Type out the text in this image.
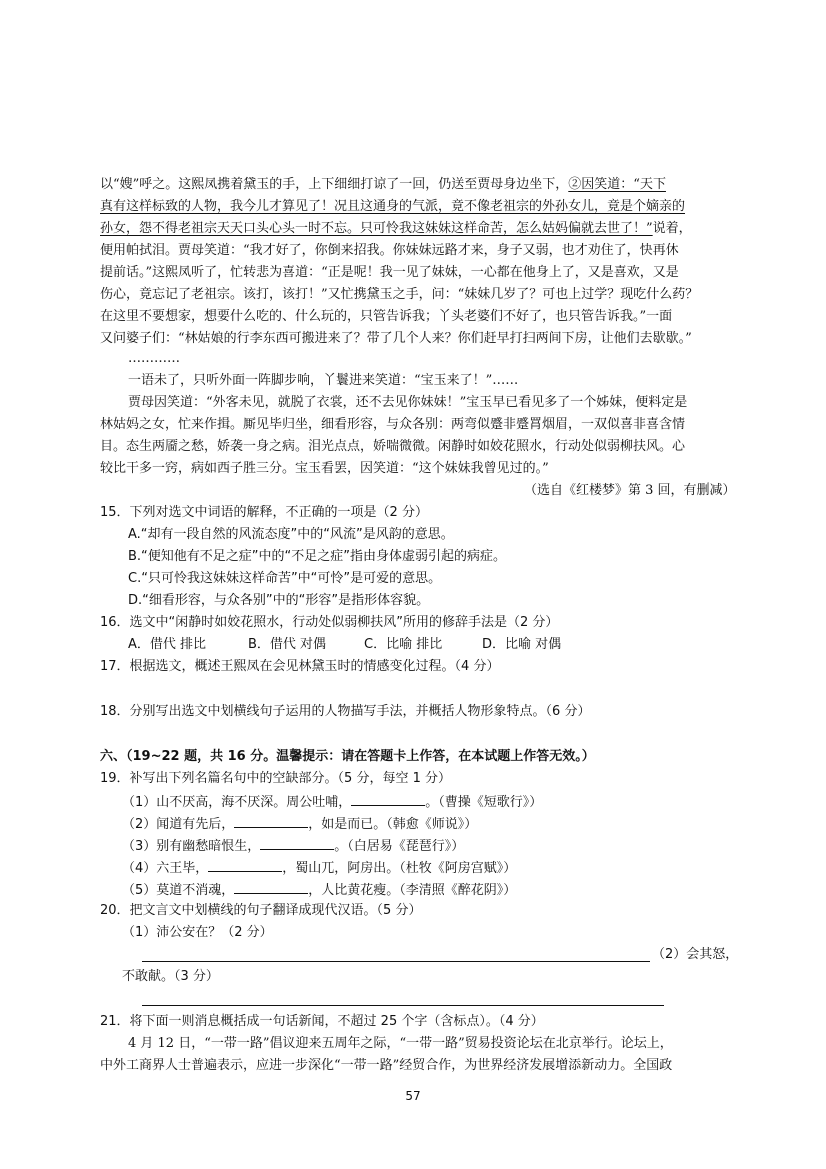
以“嫂”呼之。这熙凤携着黛玉的手，上下细细打谅了一回，仍送至贾母身边坐下，②因笑道：“天下
真有这样标致的人物，我今儿才算见了！况且这通身的气派，竟不像老祖宗的外孙女儿，竟是个嫡亲的
孙女，怨不得老祖宗天天口头心头一时不忘。只可怜我这妹妹这样命苦，怎么姑妈偏就去世了！”说着，
便用帕拭泪。贾母笑道：“我才好了，你倒来招我。你妹妹远路才来，身子又弱，也才劝住了，快再休
提前话。”这熙凤听了，忙转悲为喜道：“正是呢！我一见了妹妹，一心都在他身上了，又是喜欢，又是
伤心，竟忘记了老祖宗。该打，该打！”又忙携黛玉之手，问：“妹妹几岁了？可也上过学？现吃什么药？
在这里不要想家，想要什么吃的、什么玩的，只管告诉我；丫头老婆们不好了，也只管告诉我。”一面
又问婆子们：“林姑娘的行李东西可搬进来了？带了几个人来？你们赶早打扫两间下房，让他们去歇歇。”
…………
一语未了，只听外面一阵脚步响，丫鬟进来笑道：“宝玉来了！”……
贾母因笑道：“外客未见，就脱了衣裳，还不去见你妹妹！”宝玉早已看见多了一个姊妹，便料定是
林姑妈之女，忙来作揖。厮见毕归坐，细看形容，与众各别：两弯似蹙非蹙罥烟眉，一双似喜非喜含情
目。态生两靥之愁，娇袭一身之病。泪光点点，娇喘微微。闲静时如姣花照水，行动处似弱柳扶风。心
较比干多一窍，病如西子胜三分。宝玉看罢，因笑道：“这个妹妹我曾见过的。”
（选自《红楼梦》第 3 回，有删减）
15．下列对选文中词语的解释，不正确的一项是（2 分）
A.“却有一段自然的风流态度”中的“风流”是风韵的意思。
B.“便知他有不足之症”中的“不足之症”指由身体虚弱引起的病症。
C.“只可怜我这妹妹这样命苦”中“可怜”是可爱的意思。
D.“细看形容，与众各别”中的“形容”是指形体容貌。
16．选文中“闲静时如姣花照水，行动处似弱柳扶风”所用的修辞手法是（2 分）
A．借代 排比	B．借代 对偶	C．比喻 排比	D．比喻 对偶
17．根据选文，概述王熙凤在会见林黛玉时的情感变化过程。（4 分）
18．分别写出选文中划横线句子运用的人物描写手法，并概括人物形象特点。（6 分）
六、（19~22 题，共 16 分。温馨提示：请在答题卡上作答，在本试题上作答无效。）
19．补写出下列名篇名句中的空缺部分。（5 分，每空 1 分）
（1）山不厌高，海不厌深。周公吐哺，	。（曹操《短歌行》）
（2）闻道有先后，	，如是而已。（韩愈《师说》）
（3）别有幽愁暗恨生，	。（白居易《琵琶行》）
（4）六王毕，	，蜀山兀，阿房出。（杜牧《阿房宫赋》）
（5）莫道不消魂，	，人比黄花瘦。（李清照《醉花阴》）
20．把文言文中划横线的句子翻译成现代汉语。（5 分）
（1）沛公安在？（2 分）
（2）会其怒，
不敢献。（3 分）
21．将下面一则消息概括成一句话新闻，不超过 25 个字（含标点）。（4 分）
4 月 12 日，“一带一路”倡议迎来五周年之际，“一带一路”贸易投资论坛在北京举行。论坛上，
中外工商界人士普遍表示，应进一步深化“一带一路”经贸合作，为世界经济发展增添新动力。全国政
57
